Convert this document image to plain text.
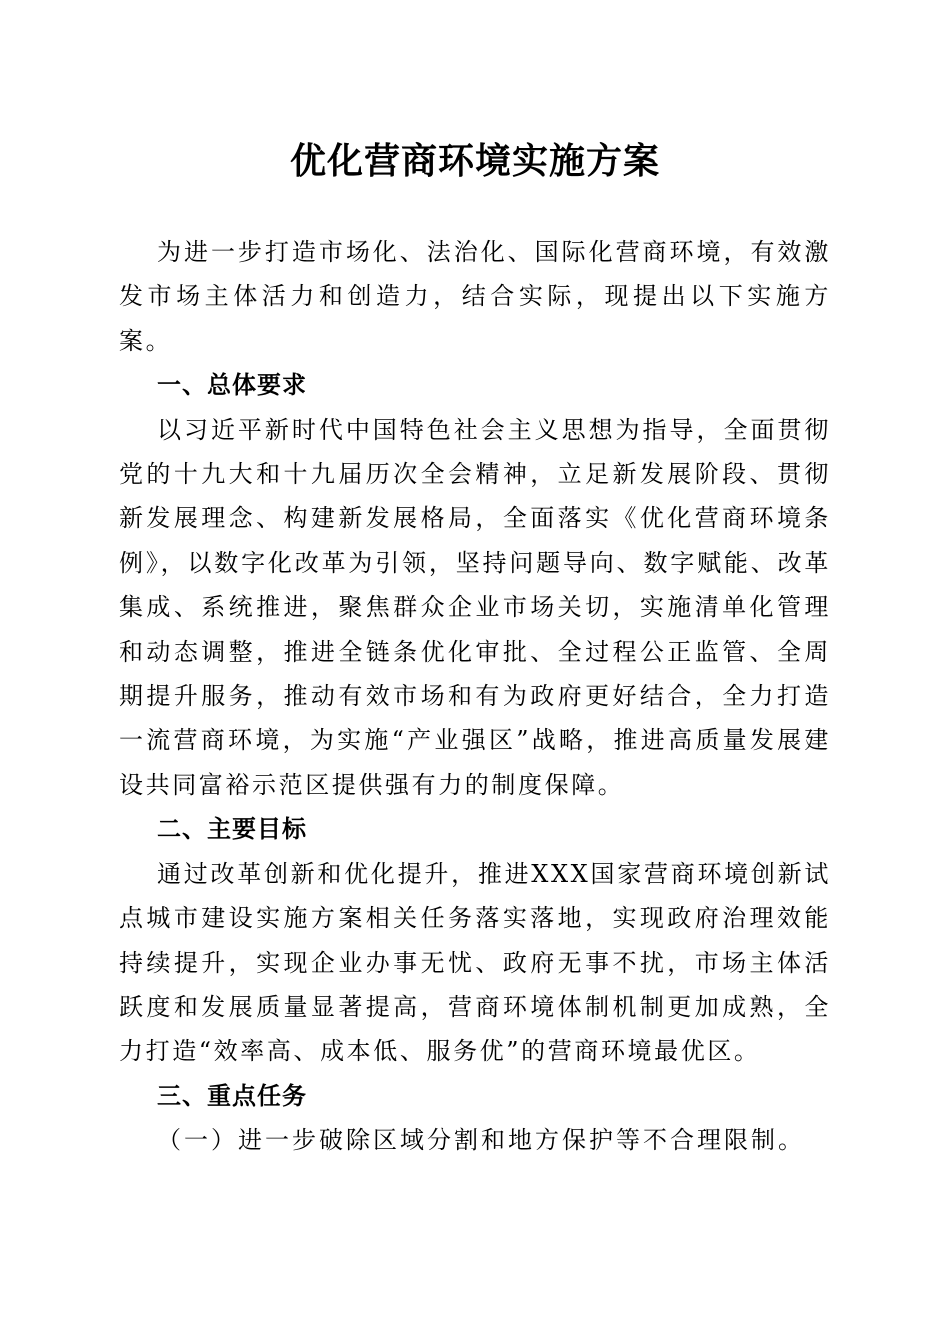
优化营商环境实施方案

为进一步打造市场化、法治化、国际化营商环境，有效激发市场主体活力和创造力，结合实际，现提出以下实施方案。

一、总体要求

以习近平新时代中国特色社会主义思想为指导，全面贯彻党的十九大和十九届历次全会精神，立足新发展阶段、贯彻新发展理念、构建新发展格局，全面落实《优化营商环境条例》，以数字化改革为引领，坚持问题导向、数字赋能、改革集成、系统推进，聚焦群众企业市场关切，实施清单化管理和动态调整，推进全链条优化审批、全过程公正监管、全周期提升服务，推动有效市场和有为政府更好结合，全力打造一流营商环境，为实施“产业强区”战略，推进高质量发展建设共同富裕示范区提供强有力的制度保障。

二、主要目标

通过改革创新和优化提升，推进XXX国家营商环境创新试点城市建设实施方案相关任务落实落地，实现政府治理效能持续提升，实现企业办事无忧、政府无事不扰，市场主体活跃度和发展质量显著提高，营商环境体制机制更加成熟，全力打造“效率高、成本低、服务优”的营商环境最优区。

三、重点任务

（一）进一步破除区域分割和地方保护等不合理限制。
